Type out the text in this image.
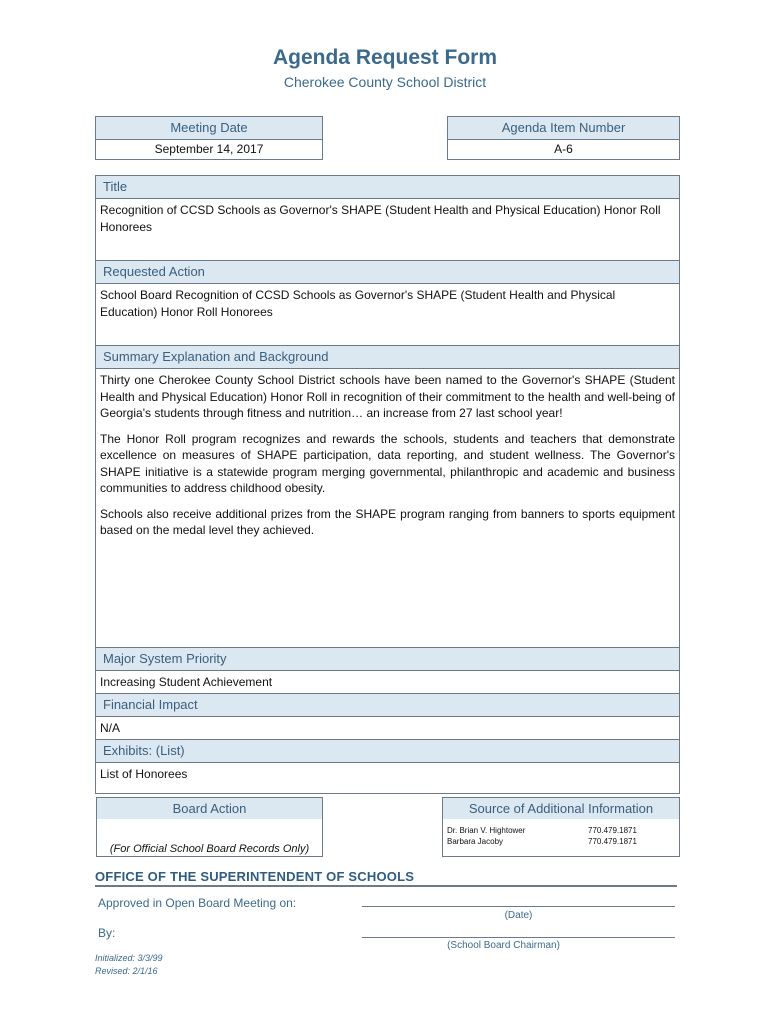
Agenda Request Form
Cherokee County School District
Meeting Date
September 14, 2017
Agenda Item Number
A-6
Title
Recognition of CCSD Schools as Governor's SHAPE (Student Health and Physical Education) Honor Roll Honorees
Requested Action
School Board Recognition of CCSD Schools as Governor's SHAPE (Student Health and Physical Education) Honor Roll Honorees
Summary Explanation and Background

Thirty one Cherokee County School District schools have been named to the Governor's SHAPE (Student Health and Physical Education) Honor Roll in recognition of their commitment to the health and well-being of Georgia's students through fitness and nutrition… an increase from 27 last school year!

The Honor Roll program recognizes and rewards the schools, students and teachers that demonstrate excellence on measures of SHAPE participation, data reporting, and student wellness. The Governor's SHAPE initiative is a statewide program merging governmental, philanthropic and academic and business communities to address childhood obesity.

Schools also receive additional prizes from the SHAPE program ranging from banners to sports equipment based on the medal level they achieved.

Major System Priority
Increasing Student Achievement
Financial Impact
N/A
Exhibits: (List)
List of Honorees
Board Action
(For Official School Board Records Only)
Source of Additional Information
Dr. Brian V. Hightower	770.479.1871
Barbara Jacoby	770.479.1871
OFFICE OF THE SUPERINTENDENT OF SCHOOLS
Approved in Open Board Meeting on:
(Date)
By:
(School Board Chairman)
Initialized: 3/3/99
Revised: 2/1/16
